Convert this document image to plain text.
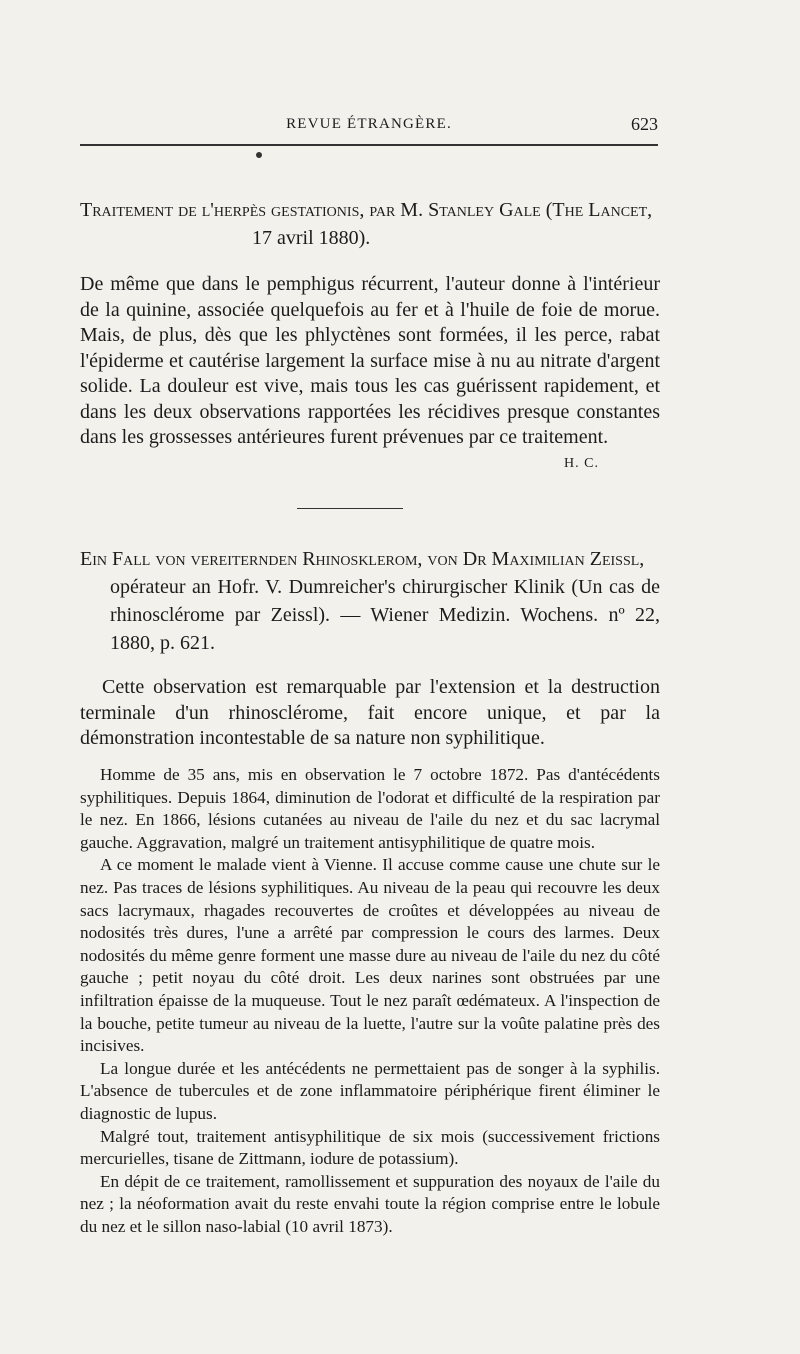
REVUE ÉTRANGÈRE.	623
Traitement de l'herpès gestationis, par M. Stanley Gale (The Lancet,
17 avril 1880).

De même que dans le pemphigus récurrent, l'auteur donne à l'intérieur de la quinine, associée quelquefois au fer et à l'huile de foie de morue. Mais, de plus, dès que les phlyctènes sont formées, il les perce, rabat l'épiderme et cautérise largement la surface mise à nu au nitrate d'argent solide. La douleur est vive, mais tous les cas guérissent rapidement, et dans les deux observations rapportées les récidives presque constantes dans les grossesses antérieures furent prévenues par ce traitement.

H. C.
Ein Fall von vereiternden Rhinosklerom, von Dr Maximilian Zeissl,
opérateur an Hofr. V. Dumreicher's chirurgischer Klinik (Un cas de rhinosclérome par Zeissl). — Wiener Medizin. Wochens. nº 22, 1880, p. 621.

Cette observation est remarquable par l'extension et la destruction terminale d'un rhinosclérome, fait encore unique, et par la démonstration incontestable de sa nature non syphilitique.

Homme de 35 ans, mis en observation le 7 octobre 1872. Pas d'antécédents syphilitiques. Depuis 1864, diminution de l'odorat et difficulté de la respiration par le nez. En 1866, lésions cutanées au niveau de l'aile du nez et du sac lacrymal gauche. Aggravation, malgré un traitement antisyphilitique de quatre mois.

A ce moment le malade vient à Vienne. Il accuse comme cause une chute sur le nez. Pas traces de lésions syphilitiques. Au niveau de la peau qui recouvre les deux sacs lacrymaux, rhagades recouvertes de croûtes et développées au niveau de nodosités très dures, l'une a arrêté par compression le cours des larmes. Deux nodosités du même genre forment une masse dure au niveau de l'aile du nez du côté gauche ; petit noyau du côté droit. Les deux narines sont obstruées par une infiltration épaisse de la muqueuse. Tout le nez paraît œdémateux. A l'inspection de la bouche, petite tumeur au niveau de la luette, l'autre sur la voûte palatine près des incisives.

La longue durée et les antécédents ne permettaient pas de songer à la syphilis. L'absence de tubercules et de zone inflammatoire périphérique firent éliminer le diagnostic de lupus.

Malgré tout, traitement antisyphilitique de six mois (successivement frictions mercurielles, tisane de Zittmann, iodure de potassium).

En dépit de ce traitement, ramollissement et suppuration des noyaux de l'aile du nez ; la néoformation avait du reste envahi toute la région comprise entre le lobule du nez et le sillon naso-labial (10 avril 1873).
